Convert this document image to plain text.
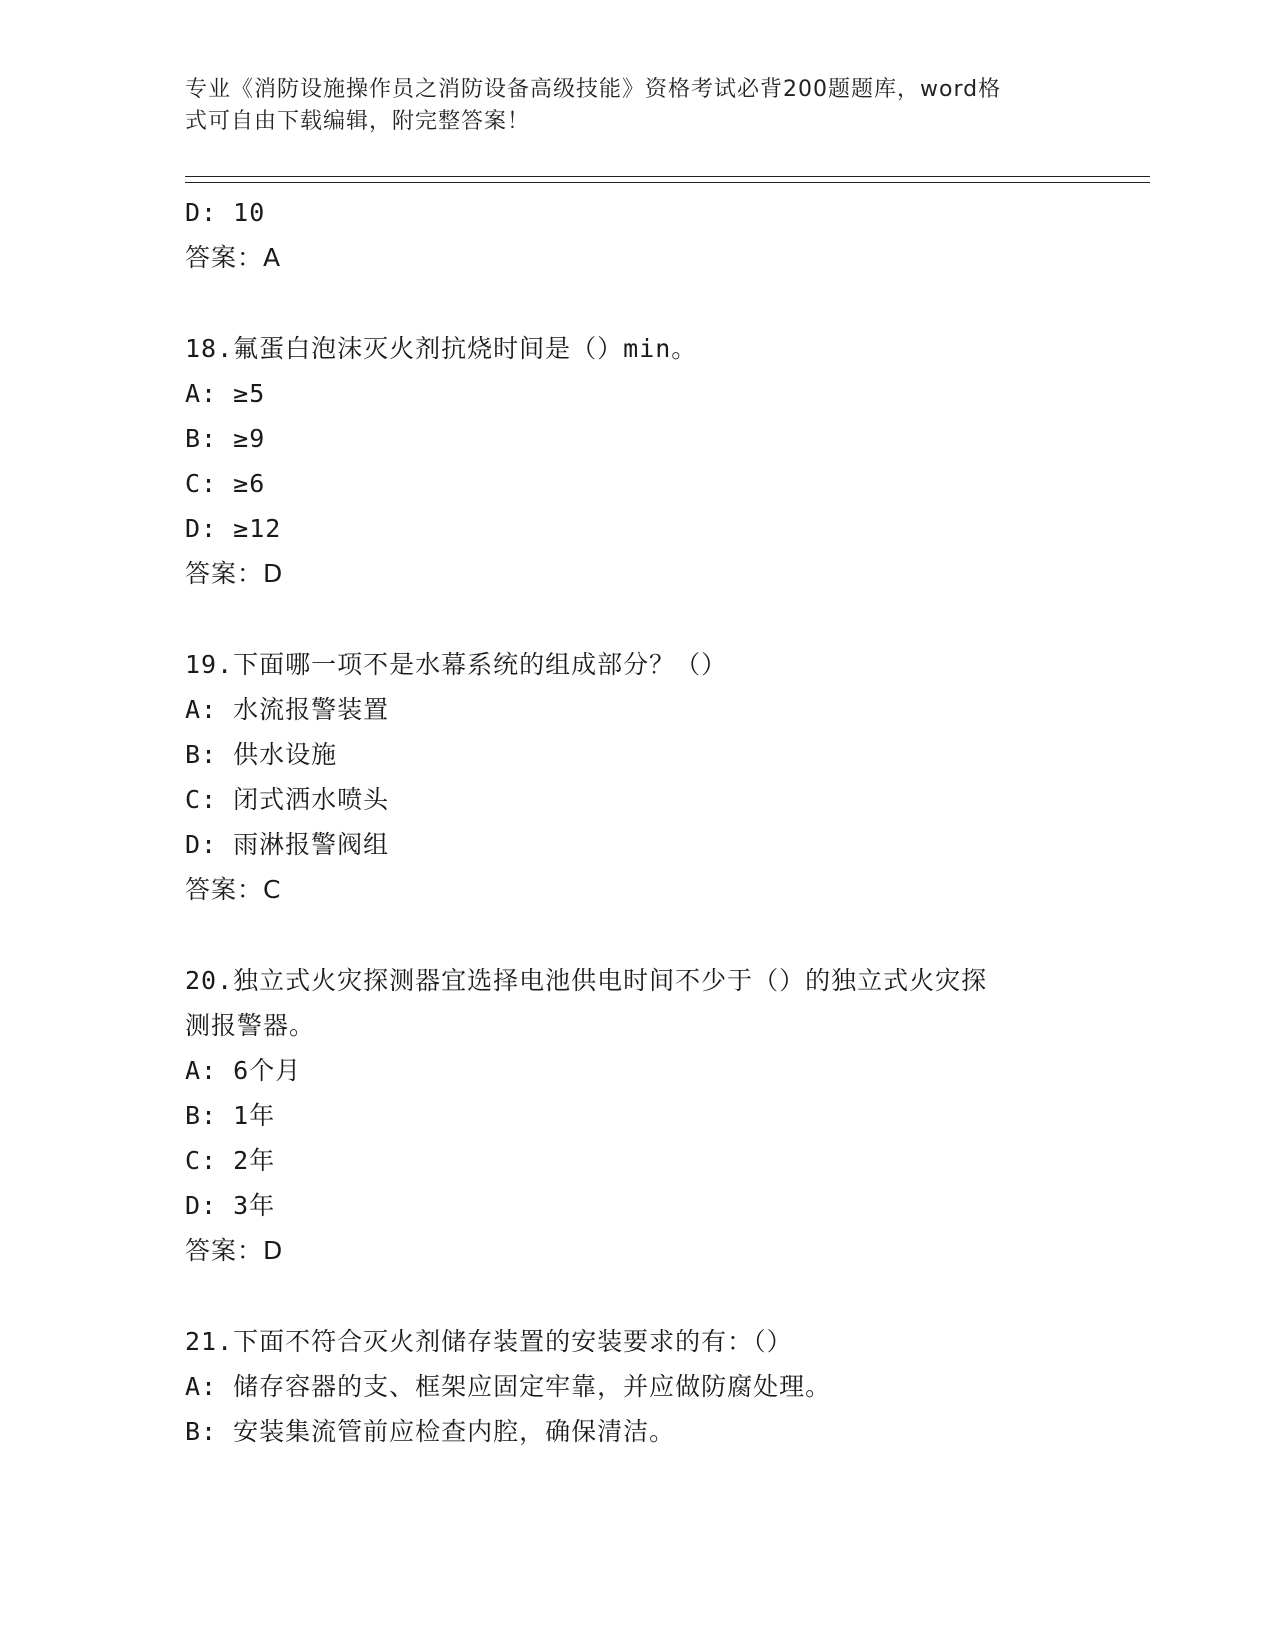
专业《消防设施操作员之消防设备高级技能》资格考试必背200题题库，word格
式可自由下载编辑，附完整答案！
D: 10
答案：A
18.氟蛋白泡沫灭火剂抗烧时间是（）min。
A: ≥5
B: ≥9
C: ≥6
D: ≥12
答案：D
19.下面哪一项不是水幕系统的组成部分？（）
A: 水流报警装置
B: 供水设施
C: 闭式洒水喷头
D: 雨淋报警阀组
答案：C
20.独立式火灾探测器宜选择电池供电时间不少于（）的独立式火灾探
测报警器。
A: 6个月
B: 1年
C: 2年
D: 3年
答案：D
21.下面不符合灭火剂储存装置的安装要求的有：（）
A: 储存容器的支、框架应固定牢靠，并应做防腐处理。
B: 安装集流管前应检查内腔，确保清洁。
